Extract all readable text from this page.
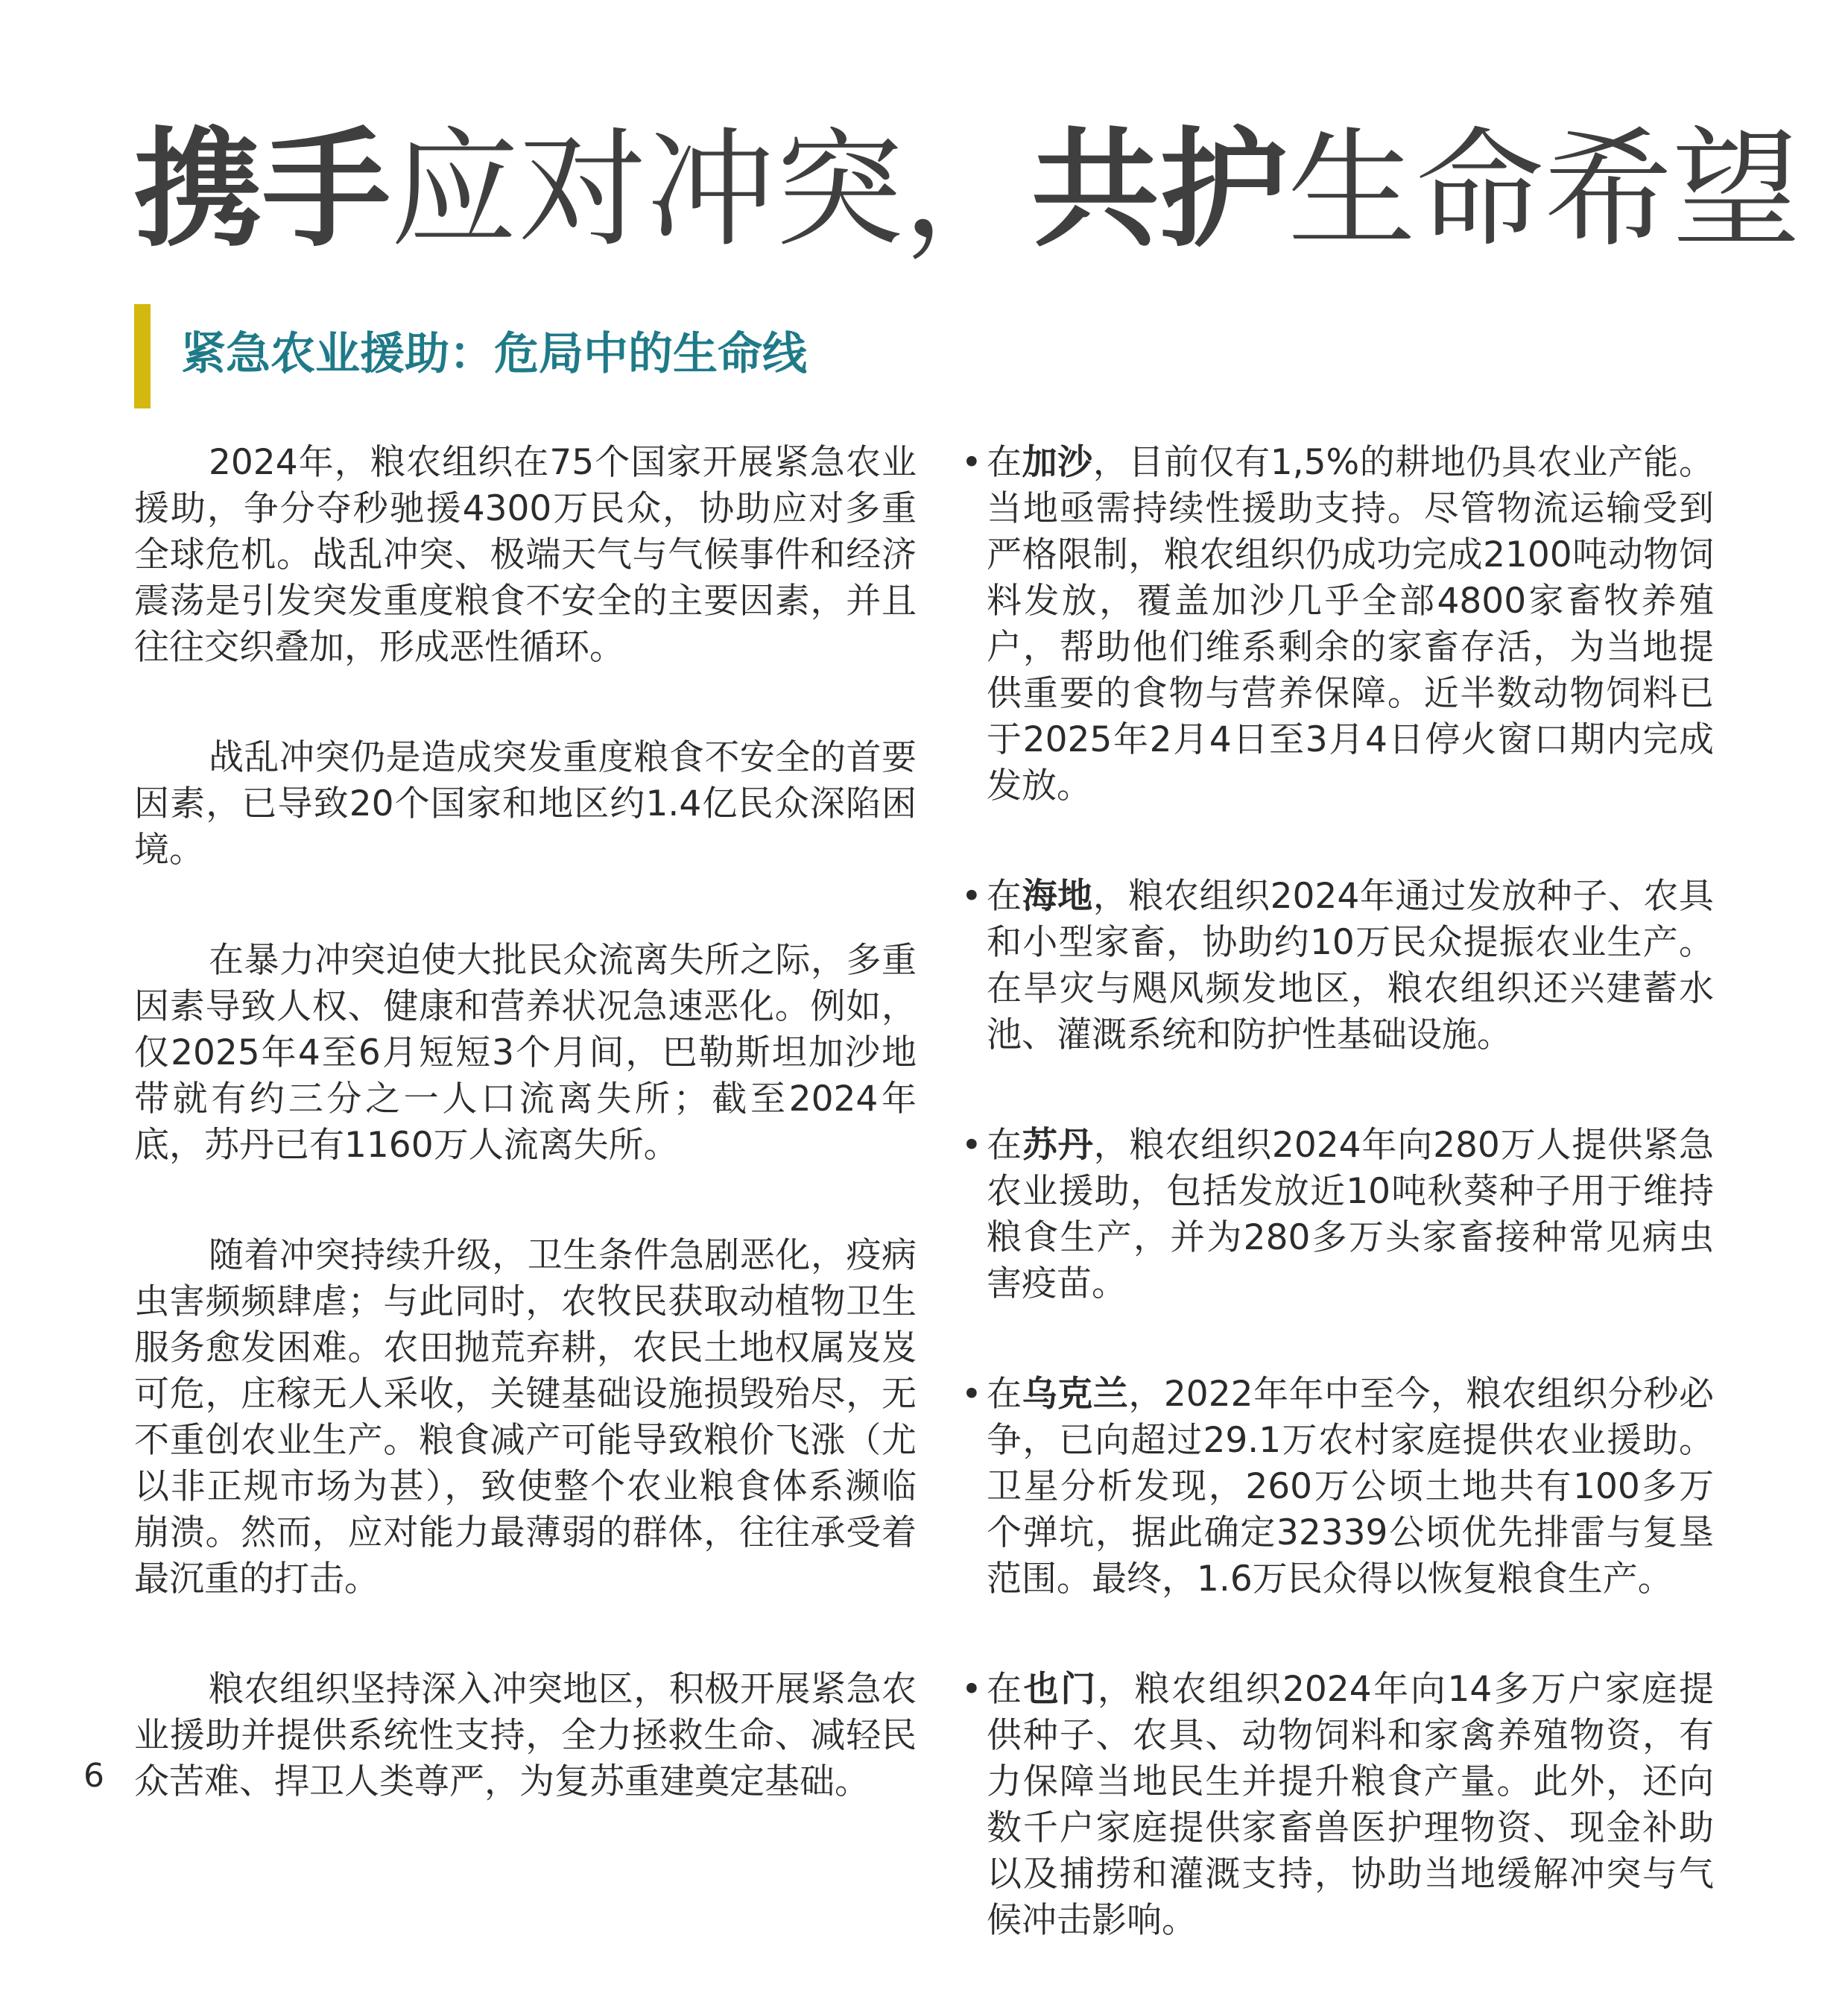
携手应对冲突，共护生命希望
紧急农业援助：危局中的生命线

2024年，粮农组织在75个国家开展紧急农业援助，争分夺秒驰援4300万民众，协助应对多重全球危机。战乱冲突、极端天气与气候事件和经济震荡是引发突发重度粮食不安全的主要因素，并且往往交织叠加，形成恶性循环。

战乱冲突仍是造成突发重度粮食不安全的首要因素，已导致20个国家和地区约1.4亿民众深陷困境。

在暴力冲突迫使大批民众流离失所之际，多重因素导致人权、健康和营养状况急速恶化。例如，仅2025年4至6月短短3个月间，巴勒斯坦加沙地带就有约三分之一人口流离失所；截至2024年底，苏丹已有1160万人流离失所。

随着冲突持续升级，卫生条件急剧恶化，疫病虫害频频肆虐；与此同时，农牧民获取动植物卫生服务愈发困难。农田抛荒弃耕，农民土地权属岌岌可危，庄稼无人采收，关键基础设施损毁殆尽，无不重创农业生产。粮食减产可能导致粮价飞涨（尤以非正规市场为甚），致使整个农业粮食体系濒临崩溃。然而，应对能力最薄弱的群体，往往承受着最沉重的打击。

粮农组织坚持深入冲突地区，积极开展紧急农业援助并提供系统性支持，全力拯救生命、减轻民众苦难、捍卫人类尊严，为复苏重建奠定基础。

• 在加沙，目前仅有1,5%的耕地仍具农业产能。当地亟需持续性援助支持。尽管物流运输受到严格限制，粮农组织仍成功完成2100吨动物饲料发放，覆盖加沙几乎全部4800家畜牧养殖户，帮助他们维系剩余的家畜存活，为当地提供重要的食物与营养保障。近半数动物饲料已于2025年2月4日至3月4日停火窗口期内完成发放。

• 在海地，粮农组织2024年通过发放种子、农具和小型家畜，协助约10万民众提振农业生产。在旱灾与飓风频发地区，粮农组织还兴建蓄水池、灌溉系统和防护性基础设施。

• 在苏丹，粮农组织2024年向280万人提供紧急农业援助，包括发放近10吨秋葵种子用于维持粮食生产，并为280多万头家畜接种常见病虫害疫苗。

• 在乌克兰，2022年年中至今，粮农组织分秒必争，已向超过29.1万农村家庭提供农业援助。卫星分析发现，260万公顷土地共有100多万个弹坑，据此确定32339公顷优先排雷与复垦范围。最终，1.6万民众得以恢复粮食生产。

• 在也门，粮农组织2024年向14多万户家庭提供种子、农具、动物饲料和家禽养殖物资，有力保障当地民生并提升粮食产量。此外，还向数千户家庭提供家畜兽医护理物资、现金补助以及捕捞和灌溉支持，协助当地缓解冲突与气候冲击影响。

6
